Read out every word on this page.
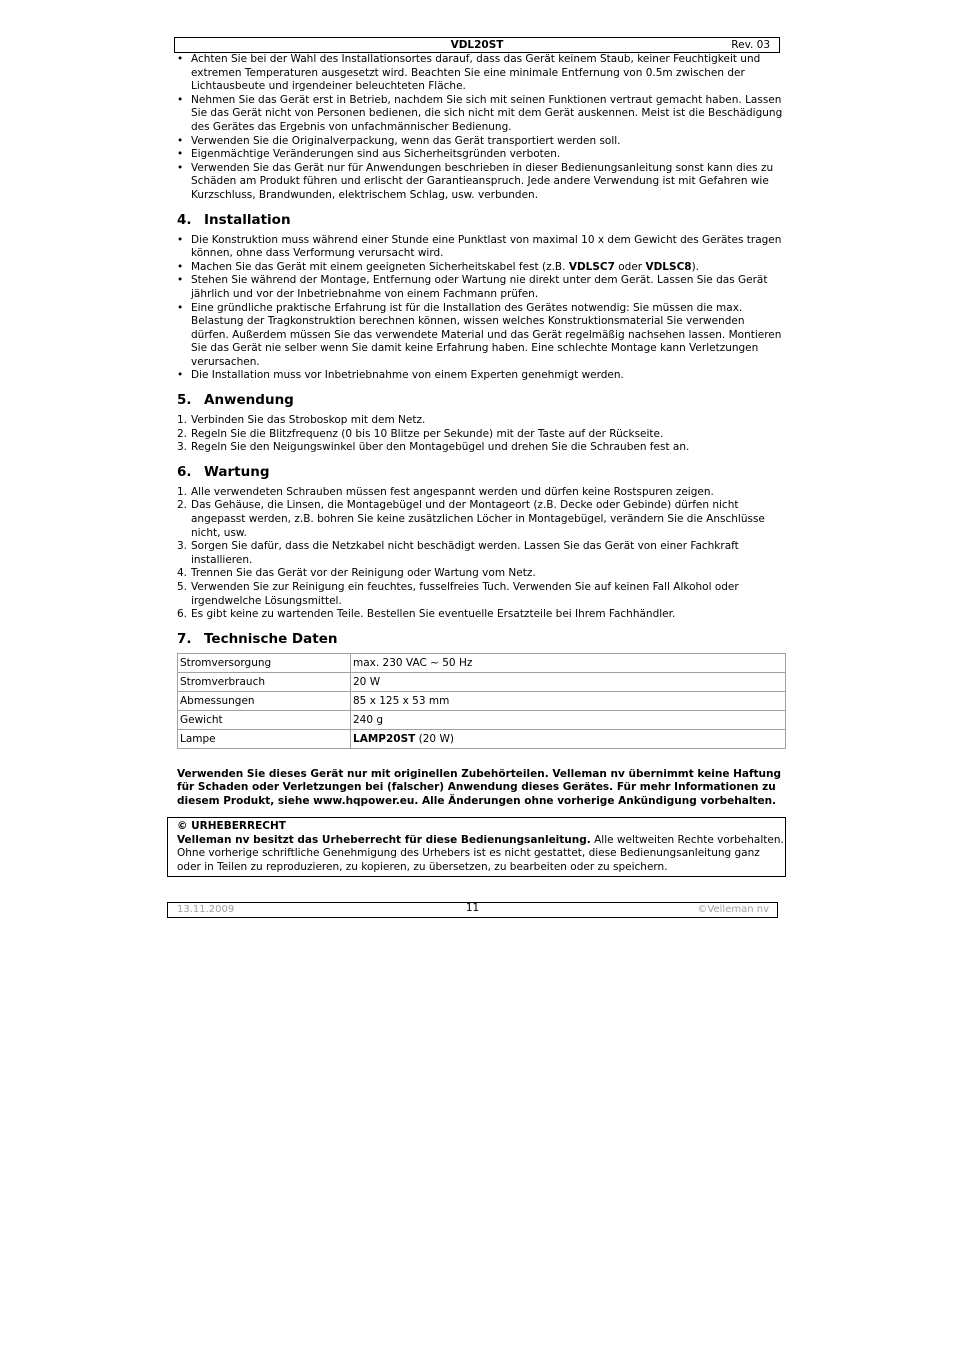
VDL20ST	Rev. 03
• Achten Sie bei der Wahl des Installationsortes darauf, dass das Gerät keinem Staub, keiner Feuchtigkeit und extremen Temperaturen ausgesetzt wird. Beachten Sie eine minimale Entfernung von 0.5m zwischen der Lichtausbeute und irgendeiner beleuchteten Fläche.
• Nehmen Sie das Gerät erst in Betrieb, nachdem Sie sich mit seinen Funktionen vertraut gemacht haben. Lassen Sie das Gerät nicht von Personen bedienen, die sich nicht mit dem Gerät auskennen. Meist ist die Beschädigung des Gerätes das Ergebnis von unfachmännischer Bedienung.
• Verwenden Sie die Originalverpackung, wenn das Gerät transportiert werden soll.
• Eigenmächtige Veränderungen sind aus Sicherheitsgründen verboten.
• Verwenden Sie das Gerät nur für Anwendungen beschrieben in dieser Bedienungsanleitung sonst kann dies zu Schäden am Produkt führen und erlischt der Garantieanspruch. Jede andere Verwendung ist mit Gefahren wie Kurzschluss, Brandwunden, elektrischem Schlag, usw. verbunden.
4. Installation
• Die Konstruktion muss während einer Stunde eine Punktlast von maximal 10 x dem Gewicht des Gerätes tragen können, ohne dass Verformung verursacht wird.
• Machen Sie das Gerät mit einem geeigneten Sicherheitskabel fest (z.B. VDLSC7 oder VDLSC8).
• Stehen Sie während der Montage, Entfernung oder Wartung nie direkt unter dem Gerät. Lassen Sie das Gerät jährlich und vor der Inbetriebnahme von einem Fachmann prüfen.
• Eine gründliche praktische Erfahrung ist für die Installation des Gerätes notwendig: Sie müssen die max. Belastung der Tragkonstruktion berechnen können, wissen welches Konstruktionsmaterial Sie verwenden dürfen. Außerdem müssen Sie das verwendete Material und das Gerät regelmäßig nachsehen lassen. Montieren Sie das Gerät nie selber wenn Sie damit keine Erfahrung haben. Eine schlechte Montage kann Verletzungen verursachen.
• Die Installation muss vor Inbetriebnahme von einem Experten genehmigt werden.
5. Anwendung
1. Verbinden Sie das Stroboskop mit dem Netz.
2. Regeln Sie die Blitzfrequenz (0 bis 10 Blitze per Sekunde) mit der Taste auf der Rückseite.
3. Regeln Sie den Neigungswinkel über den Montagebügel und drehen Sie die Schrauben fest an.
6. Wartung
1. Alle verwendeten Schrauben müssen fest angespannt werden und dürfen keine Rostspuren zeigen.
2. Das Gehäuse, die Linsen, die Montagebügel und der Montageort (z.B. Decke oder Gebinde) dürfen nicht angepasst werden, z.B. bohren Sie keine zusätzlichen Löcher in Montagebügel, verändern Sie die Anschlüsse nicht, usw.
3. Sorgen Sie dafür, dass die Netzkabel nicht beschädigt werden. Lassen Sie das Gerät von einer Fachkraft installieren.
4. Trennen Sie das Gerät vor der Reinigung oder Wartung vom Netz.
5. Verwenden Sie zur Reinigung ein feuchtes, fusselfreies Tuch. Verwenden Sie auf keinen Fall Alkohol oder irgendwelche Lösungsmittel.
6. Es gibt keine zu wartenden Teile. Bestellen Sie eventuelle Ersatzteile bei Ihrem Fachhändler.
7. Technische Daten
Stromversorgung	max. 230 VAC ~ 50 Hz
Stromverbrauch	20 W
Abmessungen	85 x 125 x 53 mm
Gewicht	240 g
Lampe	LAMP20ST (20 W)
Verwenden Sie dieses Gerät nur mit originellen Zubehörteilen. Velleman nv übernimmt keine Haftung für Schaden oder Verletzungen bei (falscher) Anwendung dieses Gerätes. Für mehr Informationen zu diesem Produkt, siehe www.hqpower.eu. Alle Änderungen ohne vorherige Ankündigung vorbehalten.
© URHEBERRECHT
Velleman nv besitzt das Urheberrecht für diese Bedienungsanleitung. Alle weltweiten Rechte vorbehalten. Ohne vorherige schriftliche Genehmigung des Urhebers ist es nicht gestattet, diese Bedienungsanleitung ganz oder in Teilen zu reproduzieren, zu kopieren, zu übersetzen, zu bearbeiten oder zu speichern.
13.11.2009	11	©Velleman nv
